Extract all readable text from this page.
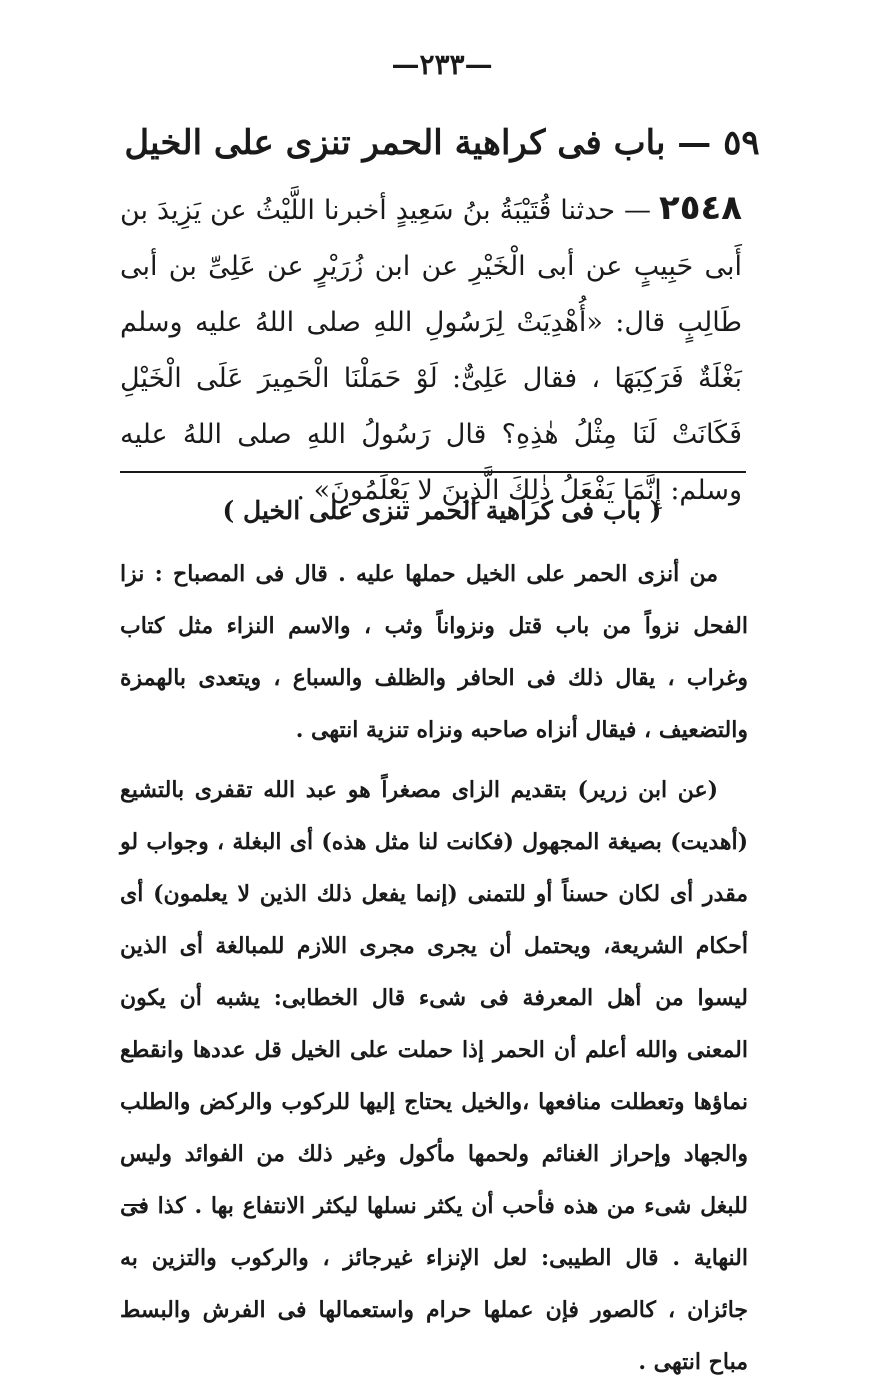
—٢٣٣—
٥٩ — باب فى كراهية الحمر تنزى على الخيل
٢٥٤٨— حدثنا قُتَيْبَةُ بنُ سَعِيدٍ أخبرنا اللَّيْثُ عن يَزِيدَ بن أَبى حَبِيبٍ عن أبى الْخَيْرِ عن ابن زُرَيْرٍ عن عَلِىِّ بن أبى طَالِبٍ قال: «أُهْدِيَتْ لِرَسُولِ اللهِ صلى اللهُ عليه وسلم بَغْلَةٌ فَرَكِبَهَا ، فقال عَلِىٌّ: لَوْ حَمَلْنَا الْحَمِيرَ عَلَى الْخَيْلِ فَكَانَتْ لَنَا مِثْلُ هٰذِهِ؟ قال رَسُولُ اللهِ صلى اللهُ عليه وسلم: إِنَّمَا يَفْعَلُ ذٰلِكَ الَّذِينَ لا يَعْلَمُونَ» .
( باب فى كراهية الحمر تنزى على الخيل )

من أنزى الحمر على الخيل حملها عليه . قال فى المصباح : نزا الفحل نزواً من باب قتل ونزواناً وثب ، والاسم النزاء مثل كتاب وغراب ، يقال ذلك فى الحافر والظلف والسباع ، ويتعدى بالهمزة والتضعيف ، فيقال أنزاه صاحبه ونزاه تنزية انتهى .

(عن ابن زرير) بتقديم الزاى مصغراً هو عبد الله تقفرى بالتشيع (أهديت) بصيغة المجهول (فكانت لنا مثل هذه) أى البغلة ، وجواب لو مقدر أى لكان حسناً أو للتمنى (إنما يفعل ذلك الذين لا يعلمون) أى أحكام الشريعة، ويحتمل أن يجرى مجرى اللازم للمبالغة أى الذين ليسوا من أهل المعرفة فى شىء قال الخطابى: يشبه أن يكون المعنى والله أعلم أن الحمر إذا حملت على الخيل قل عددها وانقطع نماؤها وتعطلت منافعها ،والخيل يحتاج إليها للركوب والركض والطلب والجهاد وإحراز الغنائم ولحمها مأكول وغير ذلك من الفوائد وليس للبغل شىء من هذه فأحب أن يكثر نسلها ليكثر الانتفاع بها . كذا فى النهاية . قال الطيبى: لعل الإنزاء غيرجائز ، والركوب والتزين به جائزان ، كالصور فإن عملها حرام واستعمالها فى الفرش والبسط مباح انتهى .
